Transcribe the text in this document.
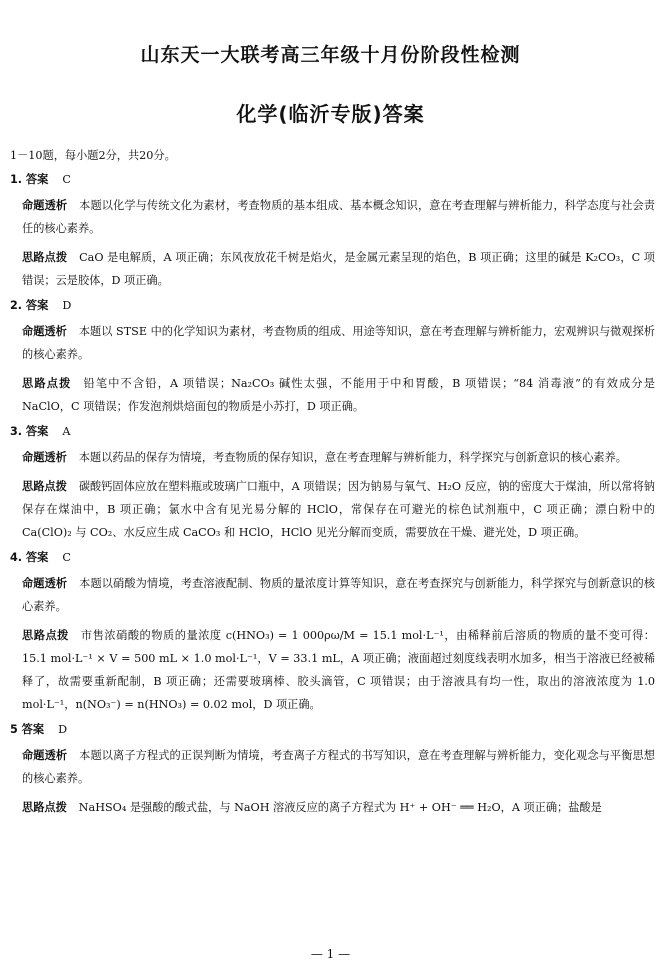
山东天一大联考高三年级十月份阶段性检测
化学(临沂专版)答案
1－10题，每小题2分，共20分。
1. 答案 C
命题透析 本题以化学与传统文化为素材，考查物质的基本组成、基本概念知识，意在考查理解与辨析能力，科学态度与社会责任的核心素养。
思路点拨 CaO 是电解质，A 项正确；东风夜放花千树是焰火，是金属元素呈现的焰色，B 项正确；这里的碱是 K₂CO₃，C 项错误；云是胶体，D 项正确。
2. 答案 D
命题透析 本题以 STSE 中的化学知识为素材，考查物质的组成、用途等知识，意在考查理解与辨析能力，宏观辨识与微观探析的核心素养。
思路点拨 铅笔中不含铅，A 项错误；Na₂CO₃ 碱性太强，不能用于中和胃酸，B 项错误；“84 消毒液”的有效成分是 NaClO，C 项错误；作发泡剂烘焙面包的物质是小苏打，D 项正确。
3. 答案 A
命题透析 本题以药品的保存为情境，考查物质的保存知识，意在考查理解与辨析能力，科学探究与创新意识的核心素养。
思路点拨 碳酸钙固体应放在塑料瓶或玻璃广口瓶中，A 项错误；因为钠易与氧气、H₂O 反应，钠的密度大于煤油，所以常将钠保存在煤油中，B 项正确；氯水中含有见光易分解的 HClO，常保存在可避光的棕色试剂瓶中，C 项正确；漂白粉中的 Ca(ClO)₂ 与 CO₂、水反应生成 CaCO₃ 和 HClO，HClO 见光分解而变质，需要放在干燥、避光处，D 项正确。
4. 答案 C
命题透析 本题以硝酸为情境，考查溶液配制、物质的量浓度计算等知识，意在考查探究与创新能力，科学探究与创新意识的核心素养。
思路点拨 市售浓硝酸的物质的量浓度 c(HNO₃) = 1 000ρω/M = 15.1 mol·L⁻¹，由稀释前后溶质的物质的量不变可得：15.1 mol·L⁻¹ × V = 500 mL × 1.0 mol·L⁻¹，V = 33.1 mL，A 项正确；液面超过刻度线表明水加多，相当于溶液已经被稀释了，故需要重新配制，B 项正确；还需要玻璃棒、胶头滴管，C 项错误；由于溶液具有均一性，取出的溶液浓度为 1.0 mol·L⁻¹，n(NO₃⁻) = n(HNO₃) = 0.02 mol，D 项正确。
5 答案 D
命题透析 本题以离子方程式的正误判断为情境，考查离子方程式的书写知识，意在考查理解与辨析能力，变化观念与平衡思想的核心素养。
思路点拨 NaHSO₄ 是强酸的酸式盐，与 NaOH 溶液反应的离子方程式为 H⁺ + OH⁻ ══ H₂O，A 项正确；盐酸是
— 1 —
